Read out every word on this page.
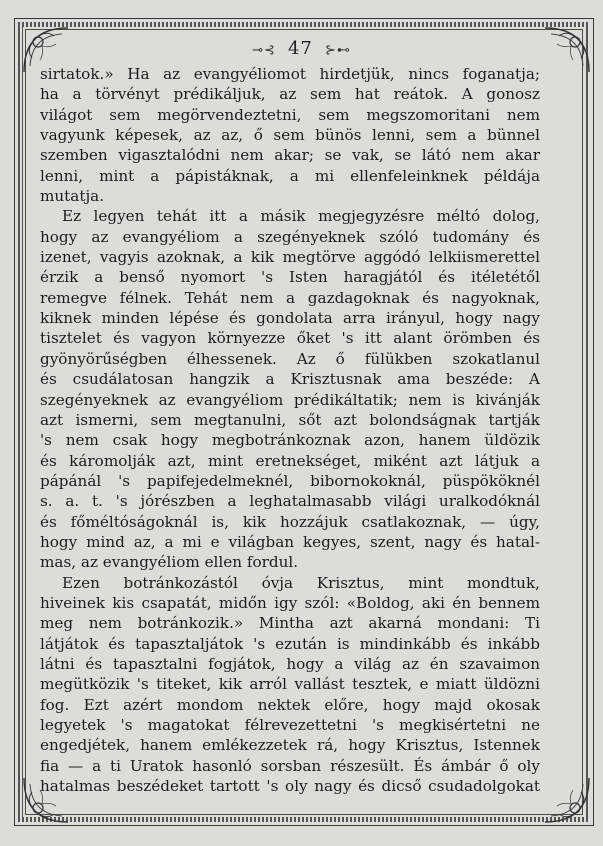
⊸⊰ 47 ⊱⊷
sirtatok.» Ha az evangyéliomot hirdetjük, nincs foganatja;
ha a törvényt prédikáljuk, az sem hat reátok. A gonosz
világot sem megörvendeztetni, sem megszomoritani nem
vagyunk képesek, az az, ő sem bünös lenni, sem a bünnel
szemben vigasztalódni nem akar; se vak, se látó nem akar
lenni, mint a pápistáknak, a mi ellenfeleinknek példája
mutatja.
Ez legyen tehát itt a másik megjegyzésre méltó dolog,
hogy az evangyéliom a szegényeknek szóló tudomány és
izenet, vagyis azoknak, a kik megtörve aggódó lelkiismerettel
érzik a benső nyomort 's Isten haragjától és itéletétől
remegve félnek. Tehát nem a gazdagoknak és nagyoknak,
kiknek minden lépése és gondolata arra irányul, hogy nagy
tisztelet és vagyon környezze őket 's itt alant örömben és
gyönyörűségben élhessenek. Az ő fülükben szokatlanul
és csudálatosan hangzik a Krisztusnak ama beszéde: A
szegényeknek az evangyéliom prédikáltatik; nem is kivánják
azt ismerni, sem megtanulni, sőt azt bolondságnak tartják
's nem csak hogy megbotránkoznak azon, hanem üldözik
és káromolják azt, mint eretnekséget, miként azt látjuk a
pápánál 's papifejedelmeknél, bibornokoknál, püspököknél
s. a. t. 's jórészben a leghatalmasabb világi uralkodóknál
és főméltóságoknál is, kik hozzájuk csatlakoznak, — úgy,
hogy mind az, a mi e világban kegyes, szent, nagy és hatal-
mas, az evangyéliom ellen fordul.
Ezen botránkozástól óvja Krisztus, mint mondtuk,
hiveinek kis csapatát, midőn igy szól: «Boldog, aki én bennem
meg nem botránkozik.» Mintha azt akarná mondani: Ti
látjátok és tapasztaljátok 's ezután is mindinkább és inkább
látni és tapasztalni fogjátok, hogy a világ az én szavaimon
megütközik 's titeket, kik arról vallást tesztek, e miatt üldözni
fog. Ezt azért mondom nektek előre, hogy majd okosak
legyetek 's magatokat félrevezettetni 's megkisértetni ne
engedjétek, hanem emlékezzetek rá, hogy Krisztus, Istennek
fia — a ti Uratok hasonló sorsban részesült. És ámbár ő oly
hatalmas beszédeket tartott 's oly nagy és dicső csudadolgokat
